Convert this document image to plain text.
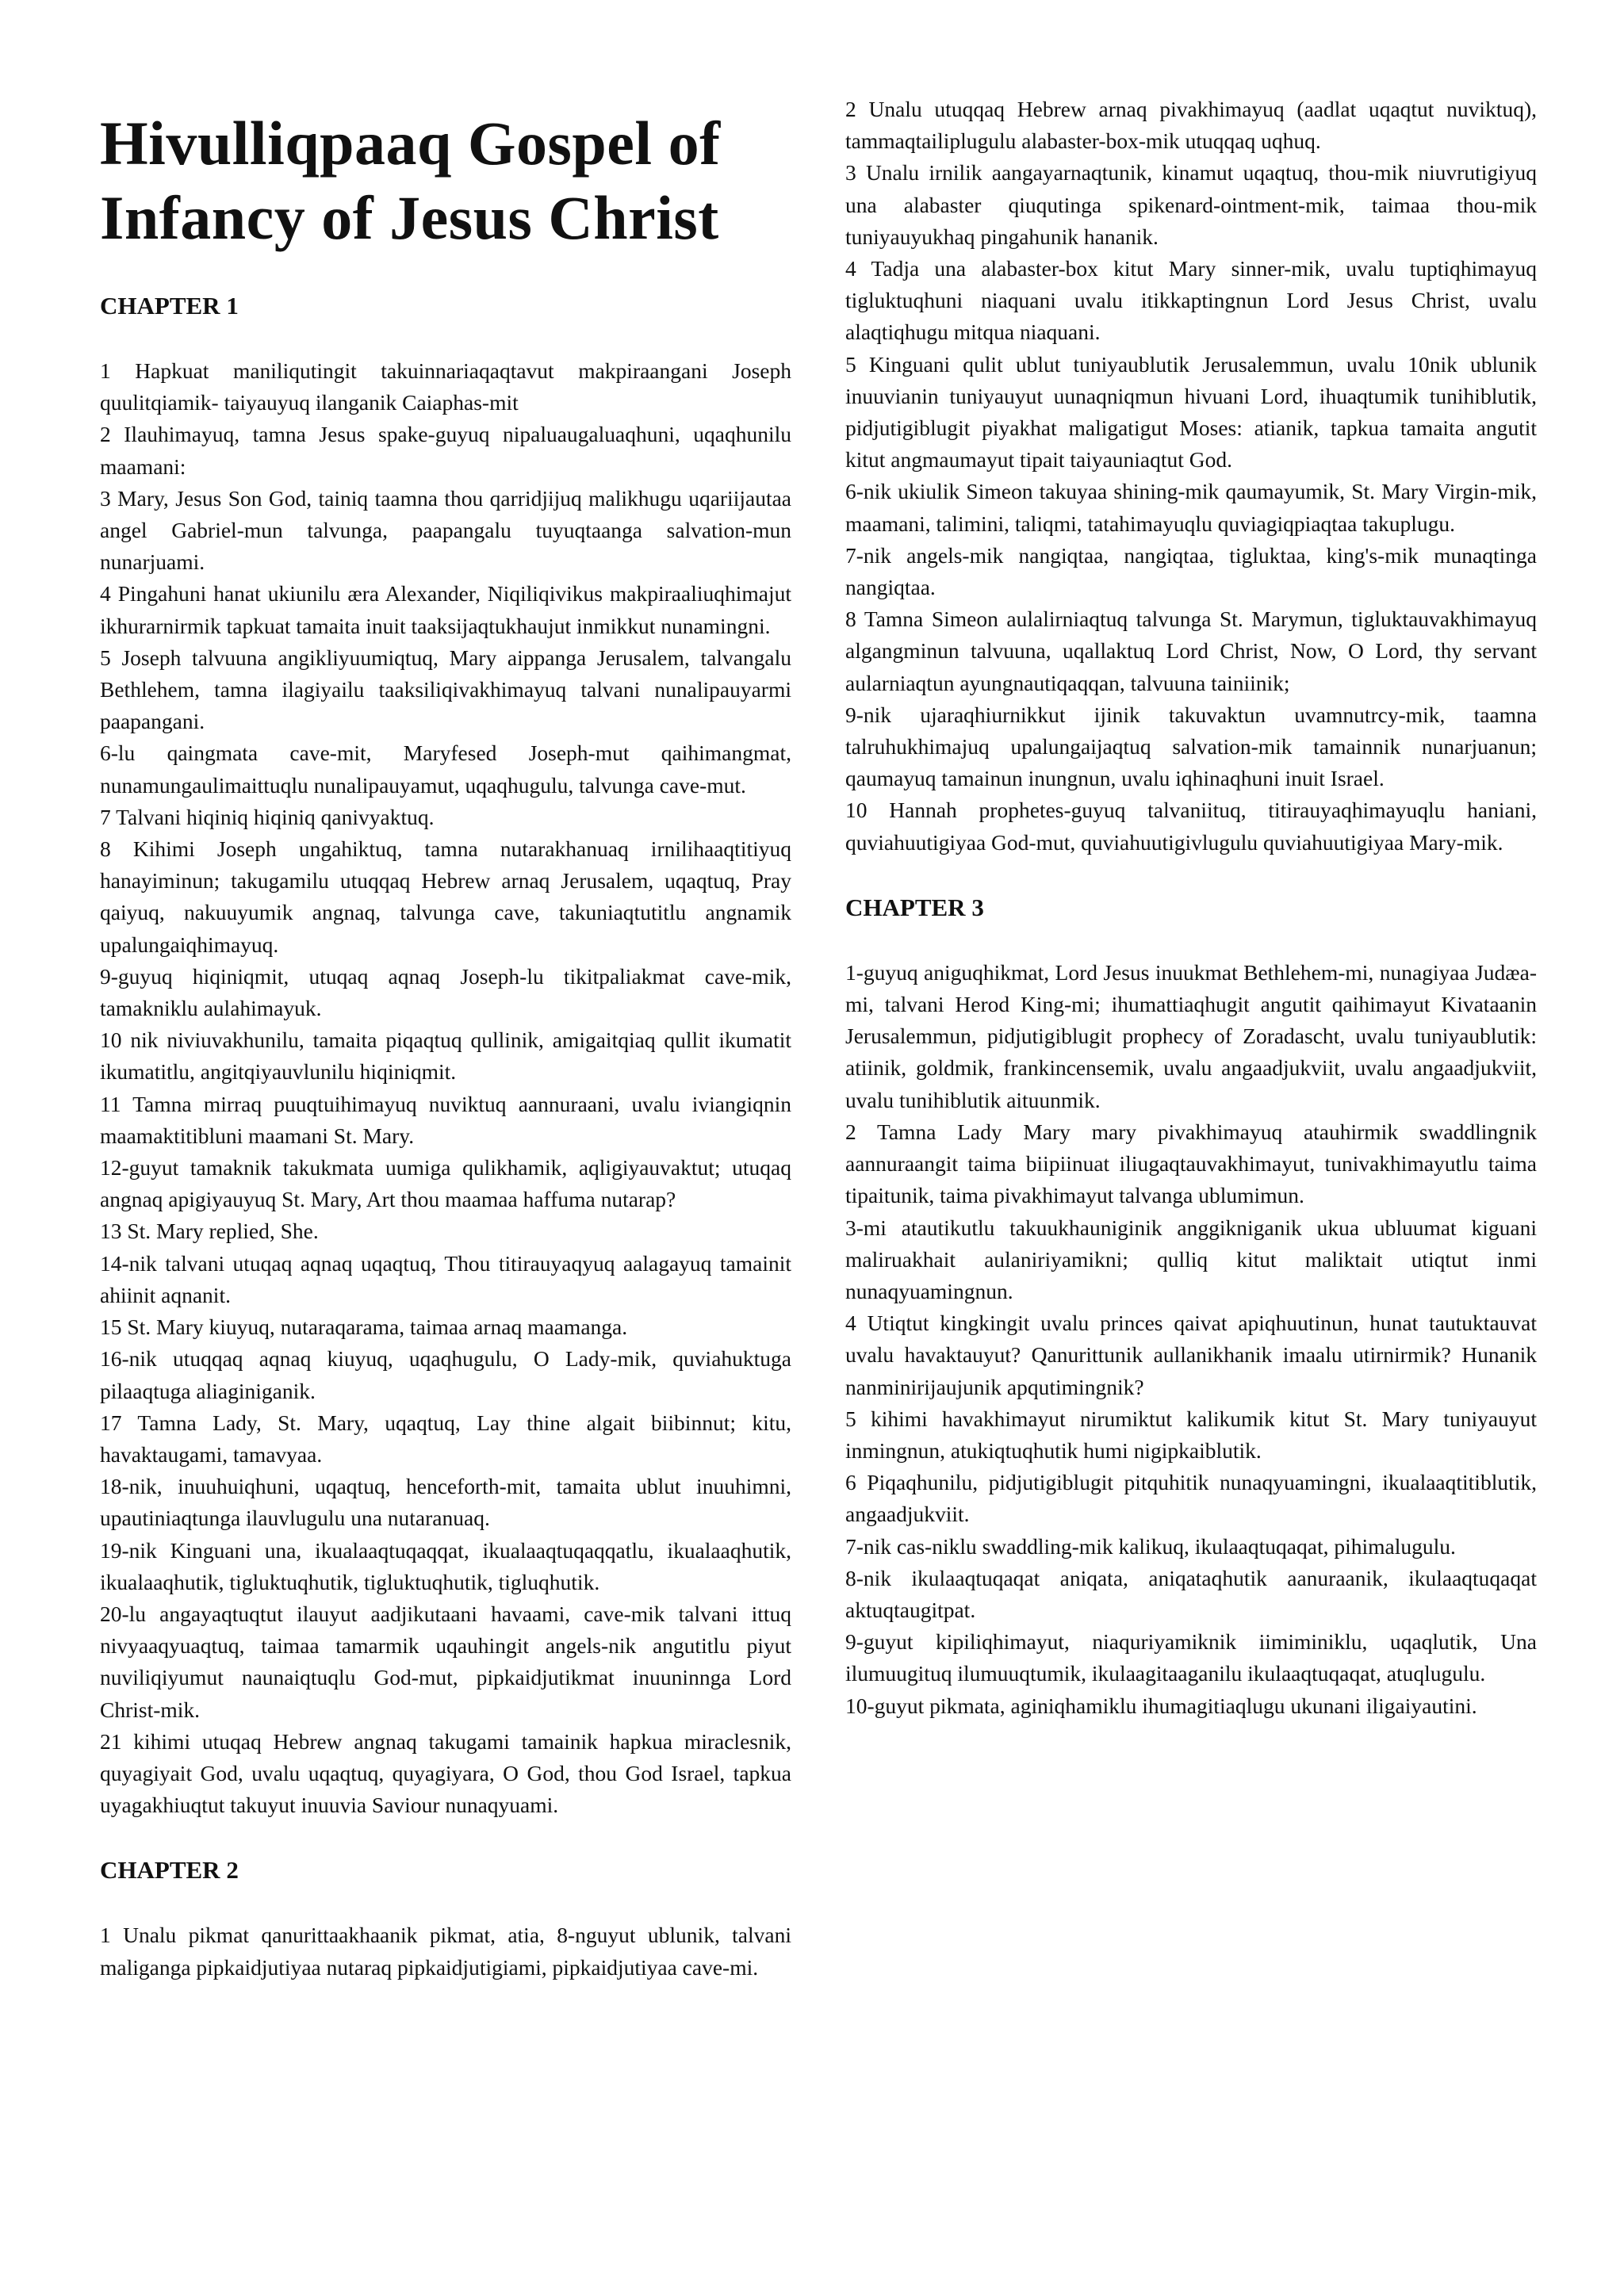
Hivulliqpaaq Gospel of Infancy of Jesus Christ
CHAPTER 1

1 Hapkuat maniliqutingit takuinnariaqaqtavut makpiraangani Joseph quulitqiamik- taiyauyuq ilanganik Caiaphas-mit

2 Ilauhimayuq, tamna Jesus spake-guyuq nipaluaugaluaqhuni, uqaqhunilu maamani:

3 Mary, Jesus Son God, tainiq taamna thou qarridjijuq malikhugu uqariijautaa angel Gabriel-mun talvunga, paapangalu tuyuqtaanga salvation-mun nunarjuami.

4 Pingahuni hanat ukiunilu æra Alexander, Niqiliqivikus makpiraaliuqhimajut ikhurarnirmik tapkuat tamaita inuit taaksijaqtukhaujut inmikkut nunamingni.

5 Joseph talvuuna angikliyuumiqtuq, Mary aippanga Jerusalem, talvangalu Bethlehem, tamna ilagiyailu taaksiliqivakhimayuq talvani nunalipauyarmi paapangani.

6-lu qaingmata cave-mit, Maryfesed Joseph-mut qaihimangmat, nunamungaulimaittuqlu nunalipauyamut, uqaqhugulu, talvunga cave-mut.

7 Talvani hiqiniq hiqiniq qanivyaktuq.

8 Kihimi Joseph ungahiktuq, tamna nutarakhanuaq irnilihaaqtitiyuq hanayiminun; takugamilu utuqqaq Hebrew arnaq Jerusalem, uqaqtuq, Pray qaiyuq, nakuuyumik angnaq, talvunga cave, takuniaqtutitlu angnamik upalungaiqhimayuq.

9-guyuq hiqiniqmit, utuqaq aqnaq Joseph-lu tikitpaliakmat cave-mik, tamakniklu aulahimayuk.

10 nik niviuvakhunilu, tamaita piqaqtuq qullinik, amigaitqiaq qullit ikumatit ikumatitlu, angitqiyauvlunilu hiqiniqmit.

11 Tamna mirraq puuqtuihimayuq nuviktuq aannuraani, uvalu iviangiqnin maamaktitibluni maamani St. Mary.

12-guyut tamaknik takukmata uumiga qulikhamik, aqligiyauvaktut; utuqaq angnaq apigiyauyuq St. Mary, Art thou maamaa haffuma nutarap?

13 St. Mary replied, She.

14-nik talvani utuqaq aqnaq uqaqtuq, Thou titirauyaqyuq aalagayuq tamainit ahiinit aqnanit.

15 St. Mary kiuyuq, nutaraqarama, taimaa arnaq maamanga.

16-nik utuqqaq aqnaq kiuyuq, uqaqhugulu, O Lady-mik, quviahuktuga pilaaqtuga aliaginiganik.

17 Tamna Lady, St. Mary, uqaqtuq, Lay thine algait biibinnut; kitu, havaktaugami, tamavyaa.

18-nik, inuuhuiqhuni, uqaqtuq, henceforth-mit, tamaita ublut inuuhimni, upautiniaqtunga ilauvlugulu una nutaranuaq.

19-nik Kinguani una, ikualaaqtuqaqqat, ikualaaqtuqaqqatlu, ikualaaqhutik, ikualaaqhutik, tigluktuqhutik, tigluktuqhutik, tigluqhutik.

20-lu angayaqtuqtut ilauyut aadjikutaani havaami, cave-mik talvani ittuq nivyaaqyuaqtuq, taimaa tamarmik uqauhingit angels-nik angutitlu piyut nuviliqiyumut naunaiqtuqlu God-mut, pipkaidjutikmat inuuninnga Lord Christ-mik.

21 kihimi utuqaq Hebrew angnaq takugami tamainik hapkua miraclesnik, quyagiyait God, uvalu uqaqtuq, quyagiyara, O God, thou God Israel, tapkua uyagakhiuqtut takuyut inuuvia Saviour nunaqyuami.

CHAPTER 2

1 Unalu pikmat qanurittaakhaanik pikmat, atia, 8-nguyut ublunik, talvani maliganga pipkaidjutiyaa nutaraq pipkaidjutigiami, pipkaidjutiyaa cave-mi.

2 Unalu utuqqaq Hebrew arnaq pivakhimayuq (aadlat uqaqtut nuviktuq), tammaqtailiplugulu alabaster-box-mik utuqqaq uqhuq.

3 Unalu irnilik aangayarnaqtunik, kinamut uqaqtuq, thou-mik niuvrutigiyuq una alabaster qiuqutinga spikenard-ointment-mik, taimaa thou-mik tuniyauyukhaq pingahunik hananik.

4 Tadja una alabaster-box kitut Mary sinner-mik, uvalu tuptiqhimayuq tigluktuqhuni niaquani uvalu itikkaptingnun Lord Jesus Christ, uvalu alaqtiqhugu mitqua niaquani.

5 Kinguani qulit ublut tuniyaublutik Jerusalemmun, uvalu 10nik ublunik inuuvianin tuniyauyut uunaqniqmun hivuani Lord, ihuaqtumik tunihiblutik, pidjutigiblugit piyakhat maligatigut Moses: atianik, tapkua tamaita angutit kitut angmaumayut tipait taiyauniaqtut God.

6-nik ukiulik Simeon takuyaa shining-mik qaumayumik, St. Mary Virgin-mik, maamani, talimini, taliqmi, tatahimayuqlu quviagiqpiaqtaa takuplugu.

7-nik angels-mik nangiqtaa, nangiqtaa, tigluktaa, king's-mik munaqtinga nangiqtaa.

8 Tamna Simeon aulalirniaqtuq talvunga St. Marymun, tigluktauvakhimayuq algangminun talvuuna, uqallaktuq Lord Christ, Now, O Lord, thy servant aularniaqtun ayungnautiqaqqan, talvuuna tainiinik;

9-nik ujaraqhiurnikkut ijinik takuvaktun uvamnutrcy-mik, taamna talruhukhimajuq upalungaijaqtuq salvation-mik tamainnik nunarjuanun; qaumayuq tamainun inungnun, uvalu iqhinaqhuni inuit Israel.

10 Hannah prophetes-guyuq talvaniituq, titirauyaqhimayuqlu haniani, quviahuutigiyaa God-mut, quviahuutigivlugulu quviahuutigiyaa Mary-mik.

CHAPTER 3

1-guyuq aniguqhikmat, Lord Jesus inuukmat Bethlehem-mi, nunagiyaa Judæa-mi, talvani Herod King-mi; ihumattiaqhugit angutit qaihimayut Kivataanin Jerusalemmun, pidjutigiblugit prophecy of Zoradascht, uvalu tuniyaublutik: atiinik, goldmik, frankincensemik, uvalu angaadjukviit, uvalu angaadjukviit, uvalu tunihiblutik aituunmik.

2 Tamna Lady Mary mary pivakhimayuq atauhirmik swaddlingnik aannuraangit taima biipiinuat iliugaqtauvakhimayut, tunivakhimayutlu taima tipaitunik, taima pivakhimayut talvanga ublumimun.

3-mi atautikutlu takuukhauniginik anggikniganik ukua ubluumat kiguani maliruakhait aulaniriyamikni; qulliq kitut maliktait utiqtut inmi nunaqyuamingnun.

4 Utiqtut kingkingit uvalu princes qaivat apiqhuutinun, hunat tautuktauvat uvalu havaktauyut? Qanurittunik aullanikhanik imaalu utirnirmik? Hunanik nanminirijaujunik apqutimingnik?

5 kihimi havakhimayut nirumiktut kalikumik kitut St. Mary tuniyauyut inmingnun, atukiqtuqhutik humi nigipkaiblutik.

6 Piqaqhunilu, pidjutigiblugit pitquhitik nunaqyuamingni, ikualaaqtitiblutik, angaadjukviit.

7-nik cas-niklu swaddling-mik kalikuq, ikulaaqtuqaqat, pihimalugulu.

8-nik ikulaaqtuqaqat aniqata, aniqataqhutik aanuraanik, ikulaaqtuqaqat aktuqtaugitpat.

9-guyut kipiliqhimayut, niaquriyamiknik iimiminiklu, uqaqlutik, Una ilumuugituq ilumuuqtumik, ikulaagitaaganilu ikulaaqtuqaqat, atuqlugulu.

10-guyut pikmata, aginiqhamiklu ihumagitiaqlugu ukunani iligaiyautini.
